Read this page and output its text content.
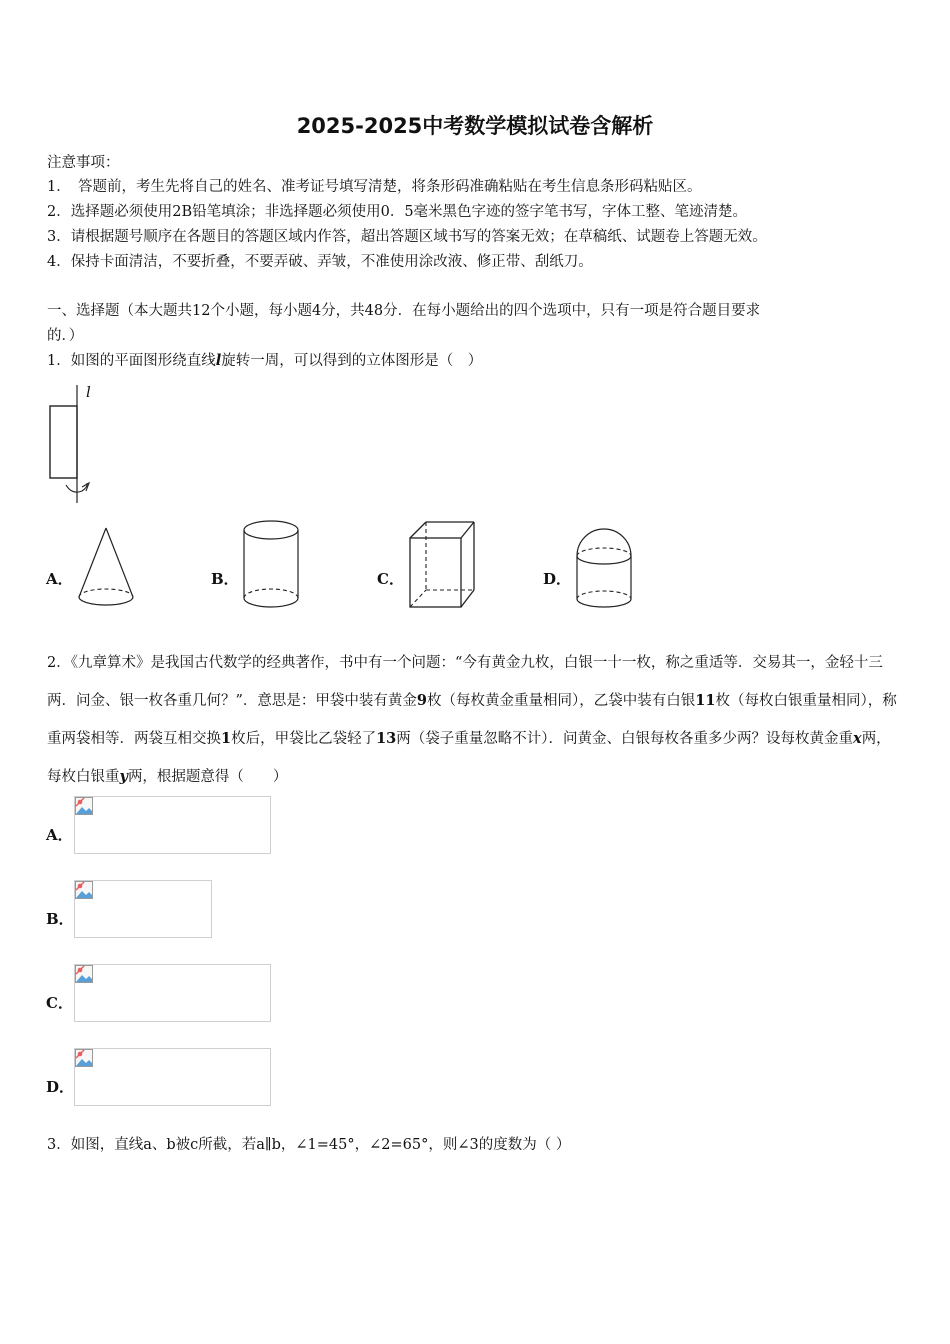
2025-2025中考数学模拟试卷含解析
注意事项：
1．　答题前，考生先将自己的姓名、准考证号填写清楚，将条形码准确粘贴在考生信息条形码粘贴区。
2．选择题必须使用2B铅笔填涂；非选择题必须使用0．5毫米黑色字迹的签字笔书写，字体工整、笔迹清楚。
3．请根据题号顺序在各题目的答题区域内作答，超出答题区域书写的答案无效；在草稿纸、试题卷上答题无效。
4．保持卡面清洁，不要折叠，不要弄破、弄皱，不准使用涂改液、修正带、刮纸刀。
一、选择题（本大题共12个小题，每小题4分，共48分．在每小题给出的四个选项中，只有一项是符合题目要求
的．）
1．如图的平面图形绕直线l旋转一周，可以得到的立体图形是（　）
l
A．	B．	C．	D．
2．《九章算术》是我国古代数学的经典著作，书中有一个问题：“今有黄金九枚，白银一十一枚，称之重适等．交易其一，金轻十三两．问金、银一枚各重几何？”．意思是：甲袋中装有黄金9枚（每枚黄金重量相同），乙袋中装有白银11枚（每枚白银重量相同），称重两袋相等．两袋互相交换1枚后，甲袋比乙袋轻了13两（袋子重量忽略不计）．问黄金、白银每枚各重多少两？设每枚黄金重x两，每枚白银重y两，根据题意得（　　）
A．
B．
C．
D．
3．如图，直线a、b被c所截，若a∥b，∠1=45°，∠2=65°，则∠3的度数为（ ）
